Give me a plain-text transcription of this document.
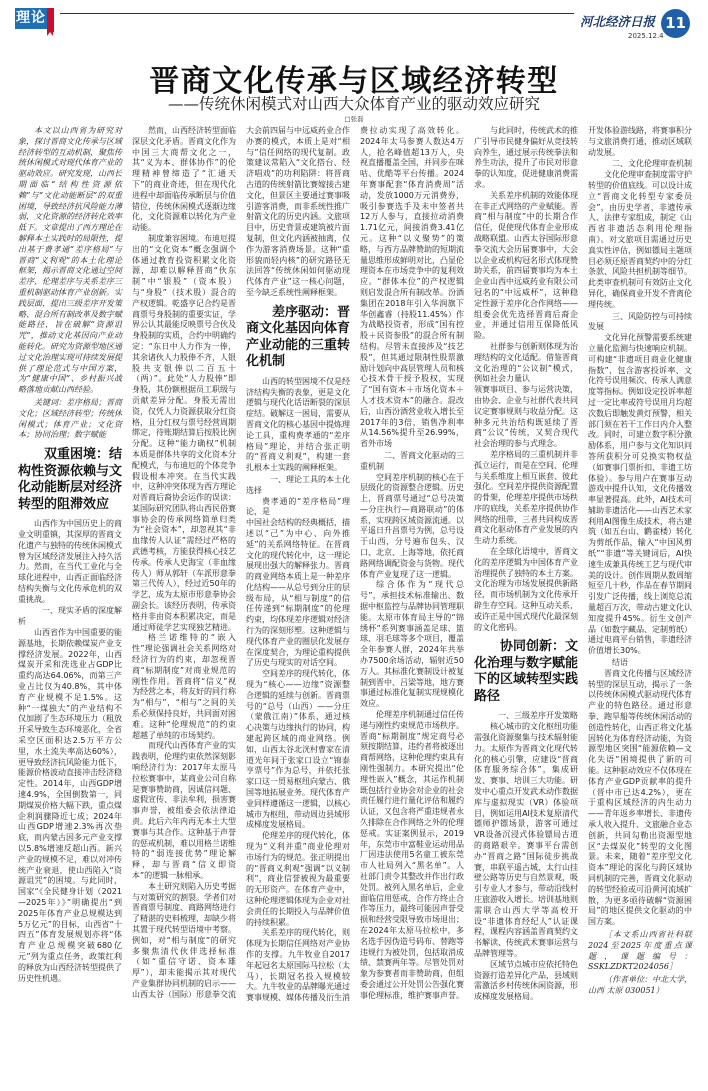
理论	河北经济日报 11
2025.12.4
晋商文化传承与区域经济转型
——传统休闲模式对山西大众体育产业的驱动效应研究
□张磊

本文以山西省为研究对象，探讨晋商文化传承与区域经济转型的互动机制，聚焦传统休闲模式对现代体育产业的驱动效应。研究发现，山西长期面临“结构性资源依赖”与“文化动能断层”的双重困境，导致经济抗风险能力薄弱，文化资源的经济转化效率低下。文章提出了西方理论在解释本土实践时的局限性，提出基于费孝通“差序格局”与晋商“义利观”的本土化理论框架，揭示晋商文化通过空间差序、伦理差序与关系差序三重机制驱动体育产业创新。实践层面，提出三级差序开发策略、混合所有制改革及数字赋能路径，旨在破解“资源诅咒”，推动文化基因向产业动能转化。研究为资源型地区通过文化治理实现可持续发展提供了理论范式与中国方案，为“健康中国”、乡村振兴战略落地贡献山西经验。

关键词：差序格局；晋商文化；区域经济转型；传统休闲模式；体育产业；文化资本；协同治理；数字赋能

双重困境：结构性资源依赖与文化动能断层对经济转型的阻滞效应

山西作为中国历史上的商业文明重镇，其深厚的晋商文化遗产与独特的传统休闲模式曾为区域经济发展注入持久活力。然而，在当代工业化与全球化进程中，山西正面临经济结构失衡与文化传承危机的双重挑战。

一、现实矛盾的深度解析

山西省作为中国重要的能源基地，长期依赖煤炭产业支撑经济发展。2022年，山西煤炭开采和洗选业占GDP比重约高达64.06%，而第三产业占比仅为40.8%，其中体育产业规模不足1.5%。这种“一煤独大”的产业结构不仅加剧了生态环境压力（粗放开采导致生态环境恶化，全省采空区面积达2.5万平方公里，水土流失率高达60%），更导致经济抗风险能力低下，能源价格波动直接冲击经济稳定性。2014年，山西GDP增速4.9%，全国倒数第一，同期煤炭价格大幅下跌，重点煤企利润骤降近七成；2024年山西GDP增速2.3%再次垫底，而内蒙古因多元产业支撑以5.8%增速反超山西。新兴产业的规模不足，难以对冲传统产业衰退，使山西陷入“资源诅咒”的困境。与此同时，国家“《全民健身计划（2021—2025年）》”明确提出“到2025年体育产业总规模达到5万亿元”的目标，山西省“十四五”体育发展规划亦将“体育产业总规模突破680亿元”列为重点任务，政策红利的释放为山西经济转型提供了历史性机遇。

然而，山西经济转型面临深层文化矛盾。晋商文化作为中国三大商帮文化之一，其“义为本、群体协作”的伦理精神曾缔造了“汇通天下”的商业奇迹，但在现代化进程中却面临传承断层与价值错位，传统休闲模式逐渐边缘化，文化资源难以转化为产业动能。

制度兼容困境。布迪厄提出的“文化资本”概念强调个体通过教育投资积累文化资源，却难以解释晋商“伙东制”中“银股”（资本股）与“身股”（技术股）混合的产权逻辑。乾盛亨记合约是晋商票号身股制的重要实证，学界公认其最能反映票号合伙及身股制的实质，合约中明确约定：“东日中人力作为一俸，其余诸伙人力股俸不齐，人银股共支银俸以二百五十（两）”。此处“人力股俸”即身股，其份额根据员工职级与贡献差异分配。身股无需出资，仅凭人力资源获取分红资格，且分红权与票号经营周期绑定，待账期结算后按股比例分配。这种“能力确权”机制本质是群体共享的文化资本分配模式，与布迪厄的个体竞争假设根本冲突。在当代实践中，这种冲突体现为西方理论对晋商后裔协会运作的误读：某国际研究团队将山西民俗赛事协会的传承网络简单归类为“社会资本”，却忽视其“非血缘传人认证”需经过严格的武德考核，方能获得核心技艺传承。传承人史海宝（非血缘传人）师从郭轩（车派形意拳第三代传人），经过近50年的学艺，成为太原市形意拳协会副会长。该经历表明，传承资格并非由资本积累决定，而是通过师徒学艺实现独艺精进。

格兰诺维特的“嵌入性”理论强调社会关系网络对经济行为的约束，却忽视晋商“标期制度”对商业规范的刚性作用。晋商将“信义”视为经营之本，将友好的同行称为“相与”，“相与”之间的关系必须保持良好，共同面对困难。这种“伦理规范”的约束超越了单纯的市场契约。

而现代山西体育产业的实践表明，伦理约束依然深刻影响经济行为：2017年太原马拉松赛事中，某商业公司自称是赛事赞助商，因诚信问题、虚假宣传、非法牟利，损害赛事声誉，被组委会依法律追责。此后六年内再无本土大型赛事与其合作。这种基于声誉的惩戒机制，难以用格兰诺维特的“弱连接优势”理论解释，却与晋商“信义即资本”的逻辑一脉相承。

本土研究则陷入历史考据与对策研究的割裂。学者们对晋商票号制度、商路网络进行了精湛的史料梳理，却缺少将其置于现代转型语境中考察。例如，对“相与制度”的研究多聚焦清代伙伴选择标准（如“重信守诺、资本雄厚”），却未能揭示其对现代产业集群协同机制的启示——山西太谷（国际）形意拳交流大会前四届与中远威药业合作办赛的模式，本质上是对“相与”信任网络的现代复制。政策建议常陷入“文化搭台、经济唱戏”的功利陷阱：将晋商古道的传统射箭比赛嫁接古建文化，但景区主要通过赛事吸引游客消费，而非系统性推广射箭文化的历史内涵。文旅项目中，历史背景或建筑被片面复制，但文化内涵被抽离，仅作为游客消费场景。这种“重形貌而轻内核”的研究路径无法回答“传统休闲如何驱动现代体育产业”这一核心问题，至今缺乏系统性阐释框架。

差序驱动：晋商文化基因向体育产业动能的三重转化机制

山西的转型困境不仅是经济结构失衡的表象，更是文化逻辑与现代化话语断裂的深层症结。破解这一困局，需要从晋商文化的核心基因中提炼理论工具，重构费孝通的“差序格局”理论，并结合张正明的“晋商义利观”，构建一套扎根本土实践的阐释框架。

一、理论工具的本土化选择

费孝通的“差序格局”理论，是

中国社会结构的经典概括，描述以“己”为中心、向外推延”的关系网络特征。在晋商文化的现代转化中，这一理论展现出强大的解释张力。晋商的商业网络本质上是一种差序化结构——从总号到分庄的层级布局，从“相与制度”的信任传递到“标期制度”的伦理约束，均体现差序逻辑对经济行为的深刻形塑。这种逻辑与现代体育产业的圈层化发展存在深度契合，为理论重构提供了历史与现实的对话空间。

空间差序的现代转化，体现为“核心——边缘”资源整合逻辑的延续与创新。晋商票号的“总号（山西）——分庄（蒙俄江南）”体系，通过核心决策与边缘执行的协同，构建起跨区域的商业网络。例如，山西太谷北洸村曹家在清道光年间于张家口设立“锦泰亨票号”作为总号，并依托张家口这一贸易枢纽向蒙古、俄国等地拓展业务。现代体育产业同样遵循这一逻辑，以核心城市为枢纽，带动周边县域形成梯度发展格局。

伦理差序的现代转化，体现为“义利并重”商业伦理对市场行为的规范。张正明提出的“晋商义利观”强调“以义制利”，商业信誉被视为最重要的无形资产。在体育产业中，这种伦理逻辑体现为企业对社会责任的长期投入与品牌价值的持续积累。

关系差序的现代转化，则体现为长期信任网络对产业协作的支撑。九牛牧业自2017年起冠名太原国际马拉松（太马），长期冠名投入规模较大。九牛牧业的品牌曝光通过赛事规模、媒体传播及衍生消费拉动实现了高效转化。2024年太马参赛人数达4万人，抢名峰值超13万人，央视直播覆盖全国，并同步在咪咕、优酷等平台传播。2024年赛事配套“体育消费周”活动，发放1000万元消费券，吸引参赛选手及未中签者共12万人参与，直接拉动消费1.71亿元，间接消费3.41亿元。这种“以义聚势”的策略，与西方品牌赞助的短期流量思维形成鲜明对比，凸显伦理资本在市场竞争中的复利效应。“群体本位”的产权逻辑则启发混合所有制改革。汾酒集团在2018年引入华润旗下华创鑫睿（持股11.45%）作为战略投资者，形成“国有控股＋民资参股”的混合所有制结构。尽管未直接涉及“技艺股”，但其通过限制性股票激励计划向中高层管理人员和核心技术骨干授予股权，实现了“国有资本＋市场化资本＋人才技术资本”的融合。混改后，山西汾酒营业收入增长至2017年的3倍，销售净利率从14.56%提升至26.99%，省外市场

二、晋商文化驱动的三重机制

空间差序机制的核心在于层级化的资源整合逻辑。历史上，晋商票号通过“总号决策—分庄执行—商路联动”的体系，实现跨区域资源流通。以平遥日升昌票号为例，总号设于山西，分号遍布包头、汉口、北京、上海等地，依托商路网络调配资金与货物。现代体育产业复现了这一逻辑。

综合体作为“现代总号”，承担技术标准输出、数据中枢监控与品牌协同管理职能。太原市体育局主导的“锦绣杯”系列赛事涵盖足球、篮球、羽毛球等多个项目，覆盖全年参赛人群，2024年共举办7500余场活动，辐射近50万人。其标准化赛制设计被复制到晋中、吕梁等地，地方赛事通过标准化复制实现规模化效应。

伦理差序机制通过信任传递与刚性约束规范市场秩序。晋商“标期制度”规定商号必须按期结算，违约者将被逐出商帮网络，这种伦理约束具有刚性强制力。本研究提出“伦理性嵌入”概念，其运作机制既包括行业协会对企业的社会责任履行进行量化评估和履约认证，又包含将严重违规者永久排除在合作网络之外的伦理惩戒。实证案例显示，2019年，东莞市中富鞋业运动用品厂因违法使用5名童工被东莞市人社局列入“黑名单”。人社部门责令其整改并作出行政处罚。被列入黑名单后，企业面临信用惩戒、合作方终止合作等压力，最终可能因声誉受损和经营受限导致市场退出；在2024年太原马拉松中，多名选手因伪造号码布、替跑等违规行为被处罚，包括取消成绩、禁赛两年等。尽管处罚对象为参赛者而非赞助商，但组委会通过公开处罚公告强化赛事伦理标准，维护赛事声誉。

与此同时，传统武术的推广引导市民健身偏好从竞技转向养生，通过展示传统拳法和养生功法，提升了市民对形意拳的认知度，促进健康消费需求。

关系差序机制的效能体现在非正式网络的产业赋能。晋商“相与制度”中的长期合作信任，促使现代体育企业形成战略联盟。山西太谷国际形意拳交流大会历届赛事中，大会以企业或机构冠名形式体现赞助关系，前四届赛事均为本土企业山西中远威药业有限公司冠名的“中远威杯”，这种稳定性源于差序化合作网络——组委会优先选择晋商后裔企业，并通过信用互保降低风险。

社群参与创新则体现为治理结构的文化适配。借鉴晋商文化治理的“公议制”模式，例如社会力量认

领赛事项目、参与运营决策，由协会、企业与社群代表共同议定赛事规则与收益分配。这种多元共治结构既延续了晋商“公议”传统，又契合现代社会治理的参与式理念。

差序格局的三重机制并非孤立运行，而是在空间、伦理与关系维度上相互嵌套、彼此强化。空间差序提供资源配置的骨架，伦理差序提供市场秩序的底线，关系差序提供协作网络的纽带，三者共同构成晋商文化驱动体育产业发展的内生动力系统。

在全球化语境中，晋商文化的差序逻辑为中国体育产业治理提供了独特的本土方案。文化治理为市场发展提供新路径，而市场机制为文化传承开辟生存空间。这种互动关系，或许正是中国式现代化最深刻的文化密码。

协同创新：文化治理与数字赋能下的区域转型实践路径
一、三级差序开发策略

核心城市的文化枢纽功能需强化资源聚集与技术辐射能力。太原作为晋商文化现代转化的核心引擎，应建设“晋商体育服务综合体”，集成研发、赛事、培训三大功能。研发中心重点开发武术动作数据库与虚拟现实（VR）体验项目，例如运用AI技术复原清代镖师护镖场景，游客可通过VR设备沉浸式体验镖局古道的商路艰辛。赛事平台需创办“晋商之路”国际徒步挑战赛，串联平遥古城、太行山挂壁公路等历史与自然景观，吸引专业人才参与，带动沿线村庄旅游收入增长。培训基地则需联合山西大学等高校开设“非遗体育经纪人”认证课程，课程内容涵盖晋商契约文书解读、传统武术赛事运营与品牌管理等。

区域节点城市应依托特色资源打造差异化产品，县域则需激活乡村传统休闲资源，形成梯度发展格局。

开发体验游线路，将赛事积分与文旅消费打通，推动区域联动发展。

二、文化伦理审查机制

文化伦理审查制度需守护转型的价值底线。可以设计成立“晋商文化转型专家委员会”，由历史学者、非遗传承人、法律专家组成，制定《山西省非遗活态利用伦理指南》。对文旅项目需通过历史真实性评估，例如镖局主题项目必须还原晋商契约中的分红条款、风险共担机制等细节。此类审查机制可有效防止文化异化，确保商业开发不背离伦理传统。

三、风险防控与可持续发展

文化异化预警需要系统建立量化监测与快速响应机制。可构建“非遗项目商业化健康指数”，包含游客投诉率、文化符号误用频次、传承人满意度等指标。例如设定投诉率超过一定比率或符号误用月均超次数后即触发黄灯预警，相关部门须在若干工作日内介入整改。同时，可建立数字积分激励体系，用户参与文化知识问答所获积分可兑换实物权益（如赛事门票折扣、非遗工坊体验）。参与用户在赛事互动游戏中提升认知，文化传播效率显著提高。此外，AI技术可辅助非遗活化——山西艺术家利用AI图像生成技术，将古建筑（如五台山、鹳雀楼）转化为剪纸作品，输入“中国风剪纸”“非遗”等关键词后，AI快速生成兼具传统工艺与现代审美的设计。创作周期从数周缩短至几十秒，作品在春节期间引发广泛传播，线上浏览总流量超百万次，带动古建文化认知度提升45%。衍生文创产品（如数字藏品、定制剪纸）通过电商平台销售，非遗经济价值增长30%。

结语

晋商文化传播与区域经济转型的深层互动，揭示了一条以传统休闲模式驱动现代体育产业的特色路径。通过形意拳、跑旱船等传统休闲活动的创造性转化，山西正将文化基因转化为体育经济动能，为资源型地区突围“能源依赖—文化失语”困境提供了新的可能。这种驱动效应不仅体现在体育产业GDP贡献率的提升（晋中市已达4.2%），更在于重构区域经济的内生动力——青年返乡率增长、非遗传承人收入提升、文旅融合业态创新，共同勾勒出资源型地区“去煤炭化”转型的文化图景。未来，随着“差序型文化资本”理论的深化与跨区域协同机制的完善，晋商文化驱动的转型经验或可沿黄河流域扩散，为更多亟待破解“资源困局”的地区提供文化驱动的中国方案。

［本文系山西省社科联2024至2025年度重点课题，课题编号：SSKLZDKT2024056］

（作者单位：中北大学，山西 太原 030051）
